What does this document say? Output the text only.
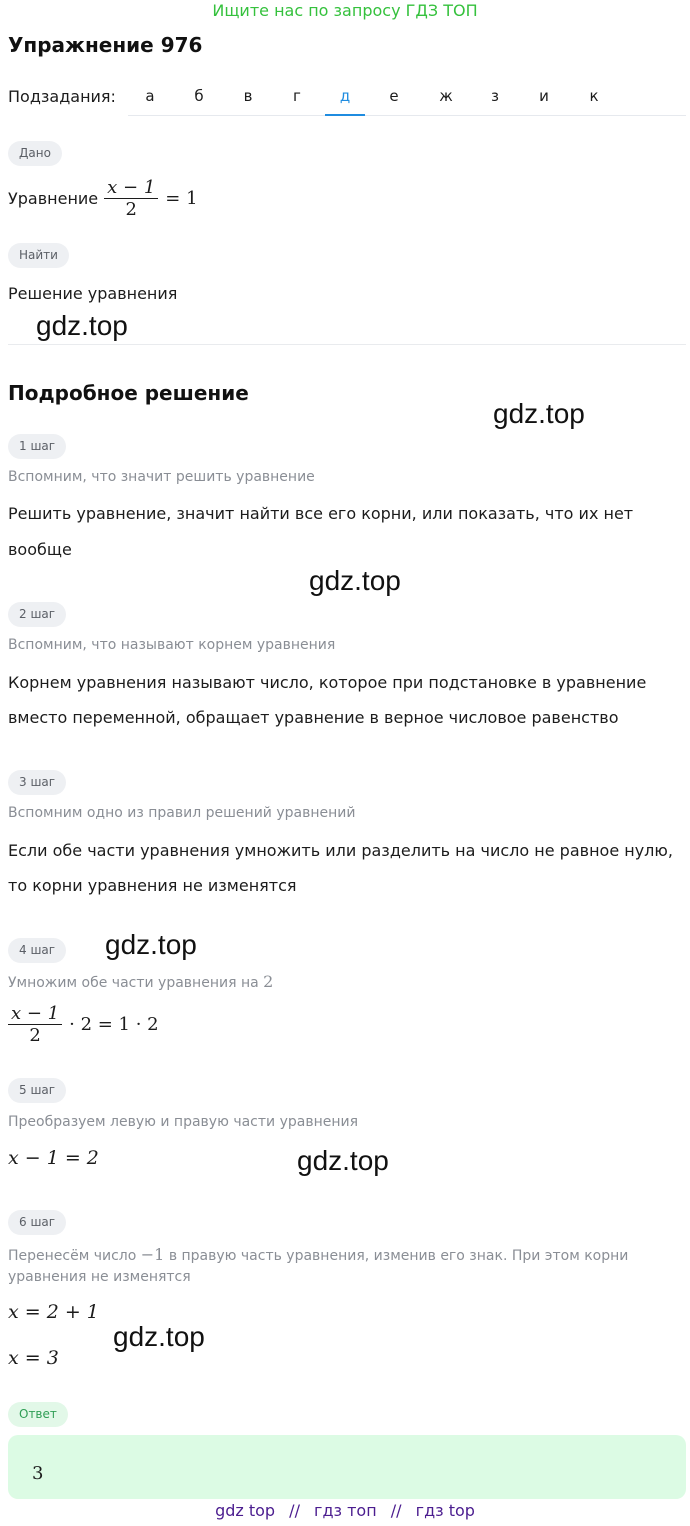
Ищите нас по запросу ГДЗ ТОП
Упражнение 976
Подзадания:	а	б	в	г	д	е	ж	з	и	к
Дано
Уравнение $\frac{x - 1}{2} = 1$
Найти
Решение уравнения
Подробное решение
1 шаг
Вспомним, что значит решить уравнение
Решить уравнение, значит найти все его корни, или показать, что их нет
вообще
2 шаг
Вспомним, что называют корнем уравнения
Корнем уравнения называют число, которое при подстановке в уравнение
вместо переменной, обращает уравнение в верное числовое равенство
3 шаг
Вспомним одно из правил решений уравнений
Если обе части уравнения умножить или разделить на число не равное нулю,
то корни уравнения не изменятся
4 шаг
Умножим обе части уравнения на 2
$\frac{x - 1}{2} \cdot 2 = 1 \cdot 2$
5 шаг
Преобразуем левую и правую части уравнения
x − 1 = 2
6 шаг
Перенесём число −1 в правую часть уравнения, изменив его знак. При этом корни
уравнения не изменятся
x = 2 + 1
x = 3
Ответ
3
gdz.top
gdz.top
gdz.top
gdz.top
gdz.top
gdz.top
gdz top // гдз топ // гдз top
